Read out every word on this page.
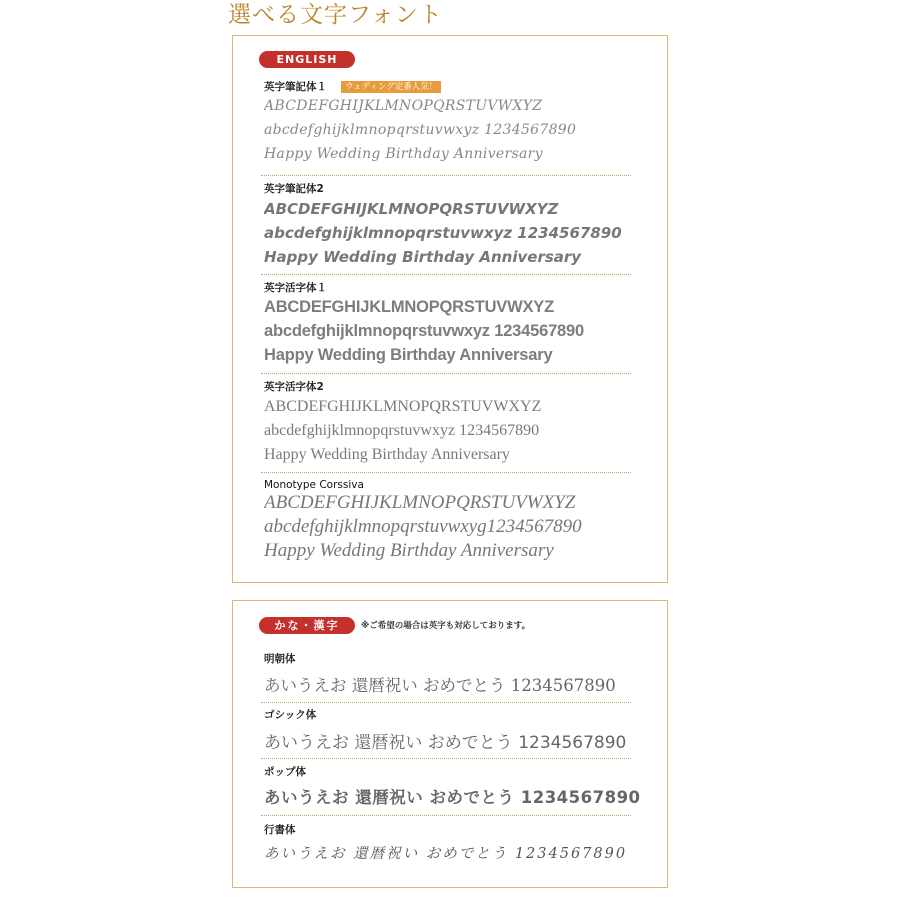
選べる文字フォント
ENGLISH
英字筆記体１	ウェディング定番人気！
ABCDEFGHIJKLMNOPQRSTUVWXYZ
abcdefghijklmnopqrstuvwxyz 1234567890
Happy Wedding Birthday Anniversary
英字筆記体2
ABCDEFGHIJKLMNOPQRSTUVWXYZ
abcdefghijklmnopqrstuvwxyz 1234567890
Happy Wedding Birthday Anniversary
英字活字体１
ABCDEFGHIJKLMNOPQRSTUVWXYZ
abcdefghijklmnopqrstuvwxyz 1234567890
Happy Wedding Birthday Anniversary
英字活字体2
ABCDEFGHIJKLMNOPQRSTUVWXYZ
abcdefghijklmnopqrstuvwxyz 1234567890
Happy Wedding Birthday Anniversary
Monotype Corssiva
ABCDEFGHIJKLMNOPQRSTUVWXYZ
abcdefghijklmnopqrstuvwxyg1234567890
Happy Wedding Birthday Anniversary
かな・漢字	※ご希望の場合は英字も対応しております。
明朝体
あいうえお 還暦祝い おめでとう 1234567890
ゴシック体
あいうえお 還暦祝い おめでとう 1234567890
ポップ体
あいうえお 還暦祝い おめでとう 1234567890
行書体
あいうえお 還暦祝い おめでとう 1234567890
